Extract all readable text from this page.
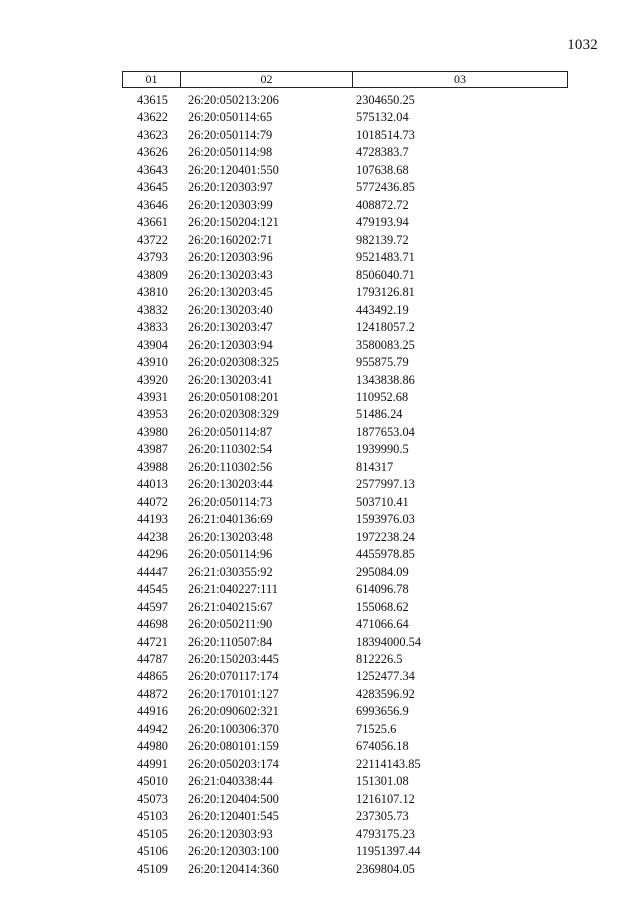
1032
01	02	03
43615	26:20:050213:206	2304650.25
43622	26:20:050114:65	575132.04
43623	26:20:050114:79	1018514.73
43626	26:20:050114:98	4728383.7
43643	26:20:120401:550	107638.68
43645	26:20:120303:97	5772436.85
43646	26:20:120303:99	408872.72
43661	26:20:150204:121	479193.94
43722	26:20:160202:71	982139.72
43793	26:20:120303:96	9521483.71
43809	26:20:130203:43	8506040.71
43810	26:20:130203:45	1793126.81
43832	26:20:130203:40	443492.19
43833	26:20:130203:47	12418057.2
43904	26:20:120303:94	3580083.25
43910	26:20:020308:325	955875.79
43920	26:20:130203:41	1343838.86
43931	26:20:050108:201	110952.68
43953	26:20:020308:329	51486.24
43980	26:20:050114:87	1877653.04
43987	26:20:110302:54	1939990.5
43988	26:20:110302:56	814317
44013	26:20:130203:44	2577997.13
44072	26:20:050114:73	503710.41
44193	26:21:040136:69	1593976.03
44238	26:20:130203:48	1972238.24
44296	26:20:050114:96	4455978.85
44447	26:21:030355:92	295084.09
44545	26:21:040227:111	614096.78
44597	26:21:040215:67	155068.62
44698	26:20:050211:90	471066.64
44721	26:20:110507:84	18394000.54
44787	26:20:150203:445	812226.5
44865	26:20:070117:174	1252477.34
44872	26:20:170101:127	4283596.92
44916	26:20:090602:321	6993656.9
44942	26:20:100306:370	71525.6
44980	26:20:080101:159	674056.18
44991	26:20:050203:174	22114143.85
45010	26:21:040338:44	151301.08
45073	26:20:120404:500	1216107.12
45103	26:20:120401:545	237305.73
45105	26:20:120303:93	4793175.23
45106	26:20:120303:100	11951397.44
45109	26:20:120414:360	2369804.05
